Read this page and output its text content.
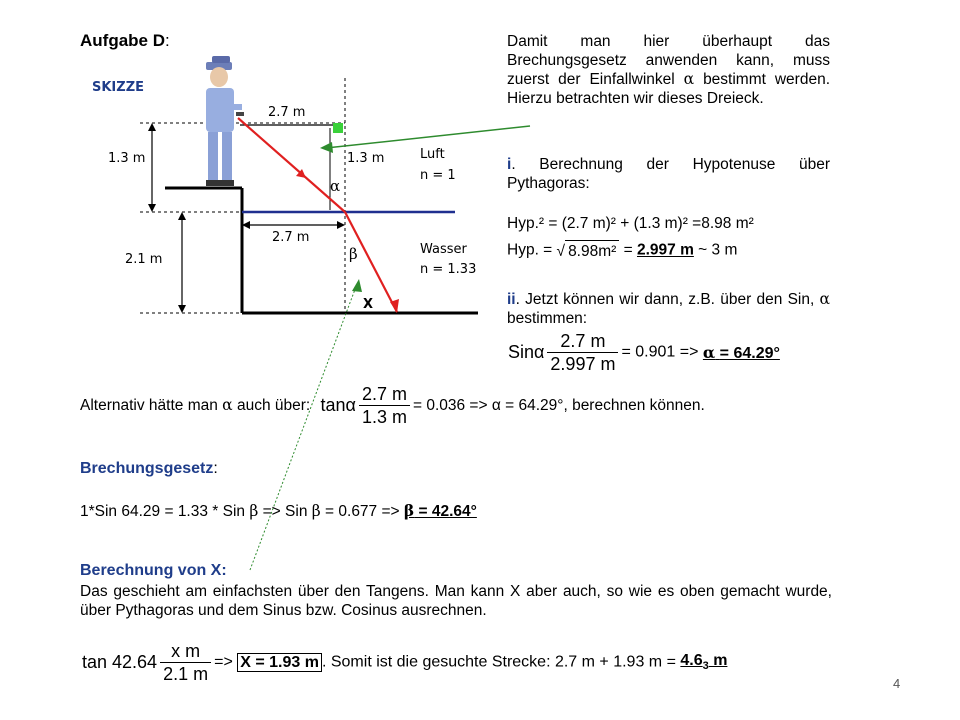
Aufgabe D:
SKIZZE
2.7 m
1.3 m	1.3 m
2.7 m
2.1 m
Luft
n = 1
Wasser
n = 1.33
α
β
X
Damit man hier überhaupt das Brechungsgesetz anwenden kann, muss zuerst der Einfallwinkel α bestimmt werden. Hierzu betrachten wir dieses Dreieck.
i. Berechnung der Hypotenuse über Pythagoras:
Hyp.² = (2.7 m)² + (1.3 m)² =8.98 m²
Hyp. = √ 8.98m² = 2.997 m ~ 3 m
ii. Jetzt können wir dann, z.B. über den Sin, α bestimmen:
Sinα $\frac{2.7 m}{2.997 m} = 0.901 => \alpha = 64.29^\circ$
Alternativ hätte man α auch über: tanα $\frac{2.7 m}{1.3 m} = 0.036 => \alpha = 64.29^\circ$, berechnen können.
Brechungsgesetz:
1*Sin 64.29 = 1.33 * Sin β => Sin β = 0.677 => β = 42.64°
Berechnung von X:
Das geschieht am einfachsten über den Tangens. Man kann X aber auch, so wie es oben gemacht wurde, über Pythagoras und dem Sinus bzw. Cosinus ausrechnen.
$\tan 42.64 \frac{\text{x m}}{2.1 m} => X = 1.93$ m . Somit ist die gesuchte Strecke: 2.7 m + 1.93 $m = 4.6_3$ m
4
